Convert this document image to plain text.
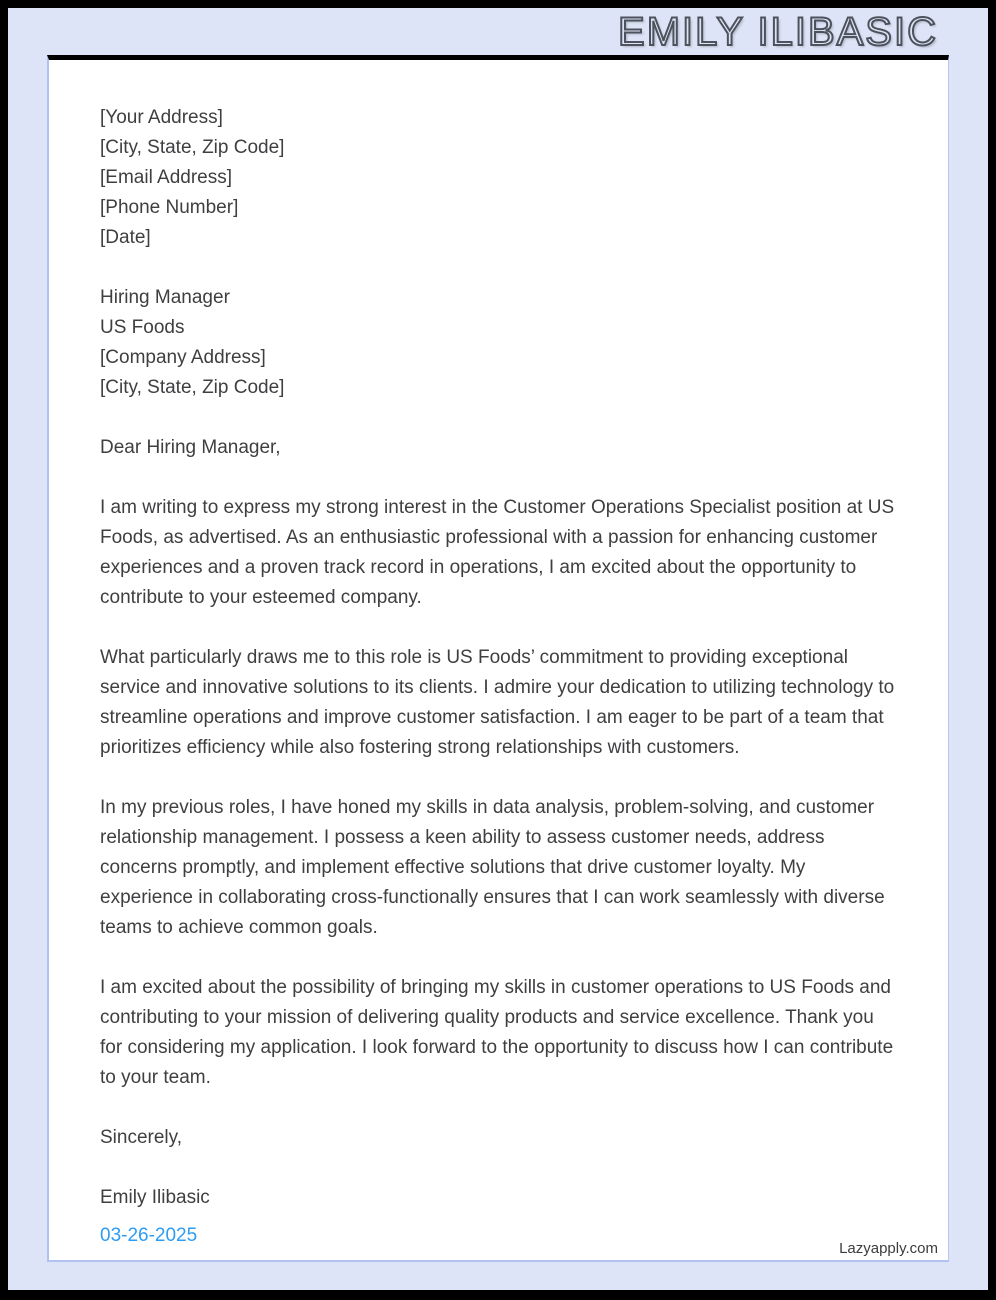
EMILY ILIBASIC
[Your Address]
[City, State, Zip Code]
[Email Address]
[Phone Number]
[Date]
Hiring Manager
US Foods
[Company Address]
[City, State, Zip Code]
Dear Hiring Manager,

I am writing to express my strong interest in the Customer Operations Specialist position at US Foods, as advertised. As an enthusiastic professional with a passion for enhancing customer experiences and a proven track record in operations, I am excited about the opportunity to contribute to your esteemed company.

What particularly draws me to this role is US Foods’ commitment to providing exceptional service and innovative solutions to its clients. I admire your dedication to utilizing technology to streamline operations and improve customer satisfaction. I am eager to be part of a team that prioritizes efficiency while also fostering strong relationships with customers.

In my previous roles, I have honed my skills in data analysis, problem-solving, and customer relationship management. I possess a keen ability to assess customer needs, address concerns promptly, and implement effective solutions that drive customer loyalty. My experience in collaborating cross-functionally ensures that I can work seamlessly with diverse teams to achieve common goals.

I am excited about the possibility of bringing my skills in customer operations to US Foods and contributing to your mission of delivering quality products and service excellence. Thank you for considering my application. I look forward to the opportunity to discuss how I can contribute to your team.

Sincerely,
Emily Ilibasic
03-26-2025
Lazyapply.com
